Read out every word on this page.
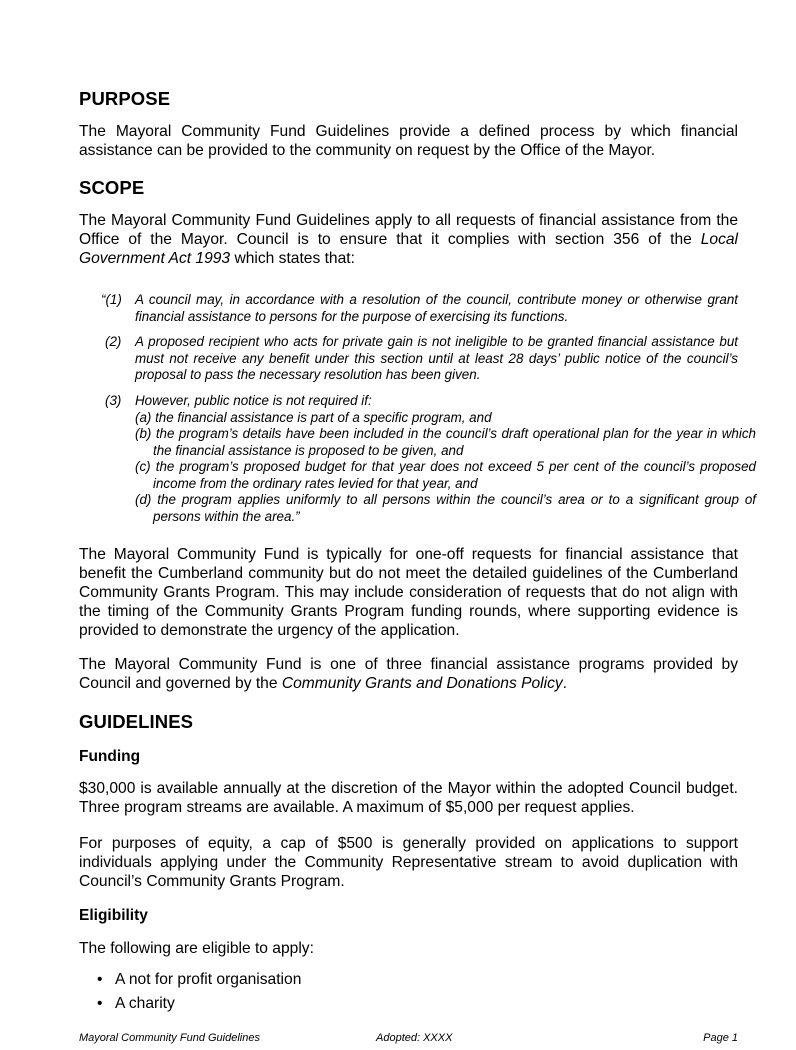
PURPOSE
The Mayoral Community Fund Guidelines provide a defined process by which financial assistance can be provided to the community on request by the Office of the Mayor.
SCOPE
The Mayoral Community Fund Guidelines apply to all requests of financial assistance from the Office of the Mayor. Council is to ensure that it complies with section 356 of the Local Government Act 1993 which states that:
“(1) A council may, in accordance with a resolution of the council, contribute money or otherwise grant financial assistance to persons for the purpose of exercising its functions.
(2) A proposed recipient who acts for private gain is not ineligible to be granted financial assistance but must not receive any benefit under this section until at least 28 days’ public notice of the council’s proposal to pass the necessary resolution has been given.
(3) However, public notice is not required if:
(a) the financial assistance is part of a specific program, and
(b) the program’s details have been included in the council’s draft operational plan for the year in which the financial assistance is proposed to be given, and
(c) the program’s proposed budget for that year does not exceed 5 per cent of the council’s proposed income from the ordinary rates levied for that year, and
(d) the program applies uniformly to all persons within the council’s area or to a significant group of persons within the area.”
The Mayoral Community Fund is typically for one-off requests for financial assistance that benefit the Cumberland community but do not meet the detailed guidelines of the Cumberland Community Grants Program. This may include consideration of requests that do not align with the timing of the Community Grants Program funding rounds, where supporting evidence is provided to demonstrate the urgency of the application.
The Mayoral Community Fund is one of three financial assistance programs provided by Council and governed by the Community Grants and Donations Policy.
GUIDELINES
Funding
$30,000 is available annually at the discretion of the Mayor within the adopted Council budget. Three program streams are available. A maximum of $5,000 per request applies.
For purposes of equity, a cap of $500 is generally provided on applications to support individuals applying under the Community Representative stream to avoid duplication with Council’s Community Grants Program.
Eligibility
The following are eligible to apply:
• A not for profit organisation
• A charity
Mayoral Community Fund Guidelines	Adopted: XXXX	Page 1
